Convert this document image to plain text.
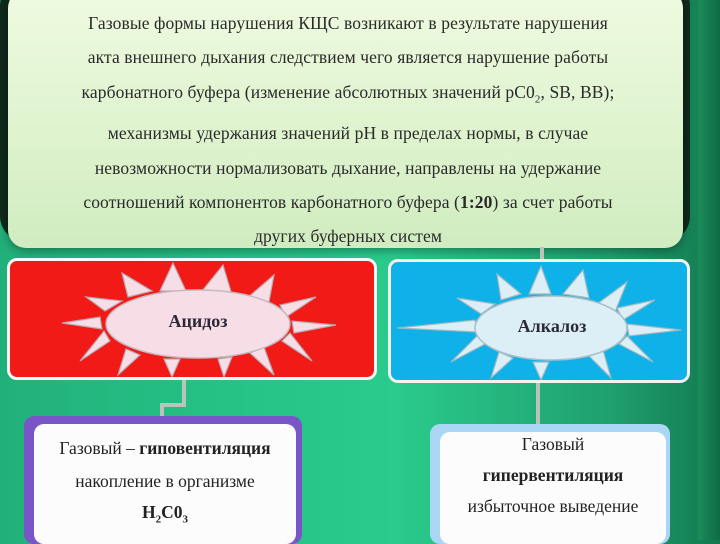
Газовые формы нарушения КЩС возникают в результате нарушения
акта внешнего дыхания следствием чего является нарушение работы
карбонатного буфера (изменение абсолютных значений $pC0_2$, SB, BB);
механизмы удержания значений рН в пределах нормы, в случае
невозможности нормализовать дыхание, направлены на удержание
соотношений компонентов карбонатного буфера (1:20) за счет работы
других буферных систем
Ацидоз	Алкалоз
Газовый – гиповентиляция
накопление в организме
$H_2C0_3$
Газовый
гипервентиляция
избыточное выведение
